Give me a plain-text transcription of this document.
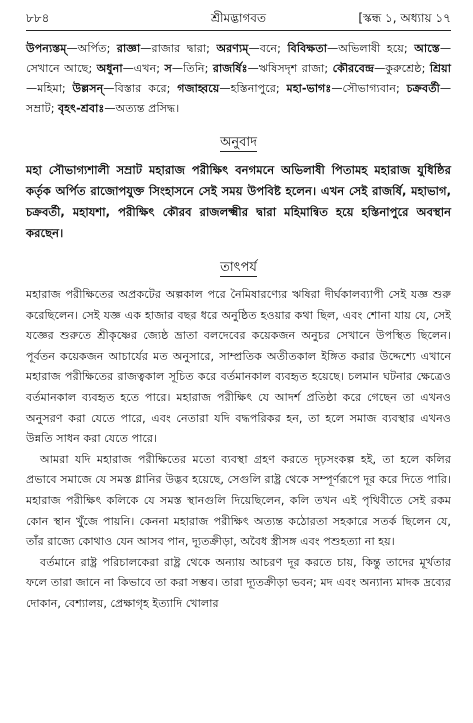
৮৮৪	শ্রীমদ্ভাগবত	[স্কন্ধ ১, অধ্যায় ১৭

উপন্যস্তম্—অর্পিত; রাজ্ঞা—রাজার দ্বারা; অরণ্যম্—বনে; বিবিক্ষতা—অভিলাষী হয়ে; আস্তে—সেখানে আছে; অধুনা—এখন; স—তিনি; রাজর্ষিঃ—ঋষিসদৃশ রাজা; কৌরবেন্দ্র—কুরুশ্রেষ্ঠ; শ্রিয়া—মহিমা; উল্লসন্—বিস্তার করে; গজাহ্বয়ে—হস্তিনাপুরে; মহা-ভাগঃ—সৌভাগ্যবান; চক্রবর্তী—সম্রাট; বৃহৎ-শ্রবাঃ—অত্যন্ত প্রসিদ্ধ।

অনুবাদ

মহা সৌভাগ্যশালী সম্রাট মহারাজ পরীক্ষিৎ বনগমনে অভিলাষী পিতামহ মহারাজ যুধিষ্ঠির কর্তৃক অর্পিত রাজোপযুক্ত সিংহাসনে সেই সময় উপবিষ্ট হলেন। এখন সেই রাজর্ষি, মহাভাগ, চক্রবর্তী, মহাযশা, পরীক্ষিৎ কৌরব রাজলক্ষ্মীর দ্বারা মহিমান্বিত হয়ে হস্তিনাপুরে অবস্থান করছেন।

তাৎপর্য

মহারাজ পরীক্ষিতের অপ্রকটের অল্পকাল পরে নৈমিষারণ্যের ঋষিরা দীর্ঘকালব্যাপী সেই যজ্ঞ শুরু করেছিলেন। সেই যজ্ঞ এক হাজার বছর ধরে অনুষ্ঠিত হওয়ার কথা ছিল, এবং শোনা যায় যে, সেই যজ্ঞের শুরুতে শ্রীকৃষ্ণের জ্যেষ্ঠ ভ্রাতা বলদেবের কয়েকজন অনুচর সেখানে উপস্থিত ছিলেন। পূর্বতন কয়েকজন আচার্যের মত অনুসারে, সাম্প্রতিক অতীতকাল ইঙ্গিত করার উদ্দেশ্যে এখানে মহারাজ পরীক্ষিতের রাজত্বকাল সূচিত করে বর্তমানকাল ব্যবহৃত হয়েছে। চলমান ঘটনার ক্ষেত্রেও বর্তমানকাল ব্যবহৃত হতে পারে। মহারাজ পরীক্ষিৎ যে আদর্শ প্রতিষ্ঠা করে গেছেন তা এখনও অনুসরণ করা যেতে পারে, এবং নেতারা যদি বদ্ধপরিকর হন, তা হলে সমাজ ব্যবস্থার এখনও উন্নতি সাধন করা যেতে পারে।

আমরা যদি মহারাজ পরীক্ষিতের মতো ব্যবস্থা গ্রহণ করতে দৃঢ়সংকল্প হই, তা হলে কলির প্রভাবে সমাজে যে সমস্ত গ্লানির উদ্ভব হয়েছে, সেগুলি রাষ্ট্র থেকে সম্পূর্ণরূপে দূর করে দিতে পারি। মহারাজ পরীক্ষিৎ কলিকে যে সমস্ত স্থানগুলি দিয়েছিলেন, কলি তখন এই পৃথিবীতে সেই রকম কোন স্থান খুঁজে পায়নি। কেননা মহারাজ পরীক্ষিৎ অত্যন্ত কঠোরতা সহকারে সতর্ক ছিলেন যে, তাঁর রাজ্যে কোথাও যেন আসব পান, দ্যূতক্রীড়া, অবৈধ স্ত্রীসঙ্গ এবং পশুহত্যা না হয়।

বর্তমানে রাষ্ট্র পরিচালকেরা রাষ্ট্র থেকে অন্যায় আচরণ দূর করতে চায়, কিন্তু তাদের মূর্খতার ফলে তারা জানে না কিভাবে তা করা সম্ভব। তারা দ্যূতক্রীড়া ভবন; মদ এবং অন্যান্য মাদক দ্রব্যের দোকান, বেশ্যালয়, প্রেক্ষাগৃহ ইত্যাদি খোলার
